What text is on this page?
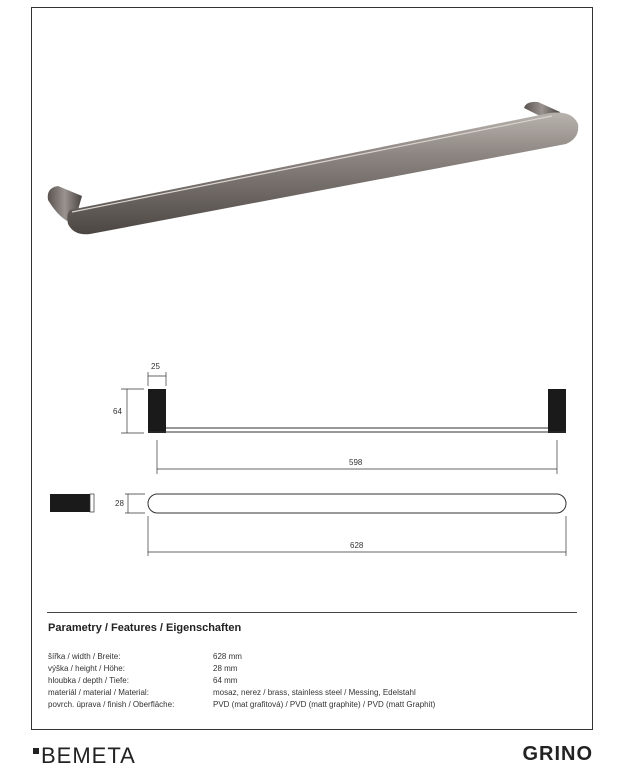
25
64
598
28
628
Parametry / Features / Eigenschaften
šířka / width / Breite:	628 mm
výška / height / Höhe:	28 mm
hloubka / depth / Tiefe:	64 mm
materiál / material / Material:	mosaz, nerez / brass, stainless steel / Messing, Edelstahl
povrch. úprava / finish / Oberfläche:	PVD (mat grafitová) / PVD (matt graphite) / PVD (matt Graphit)
BEMETA	GRINO
